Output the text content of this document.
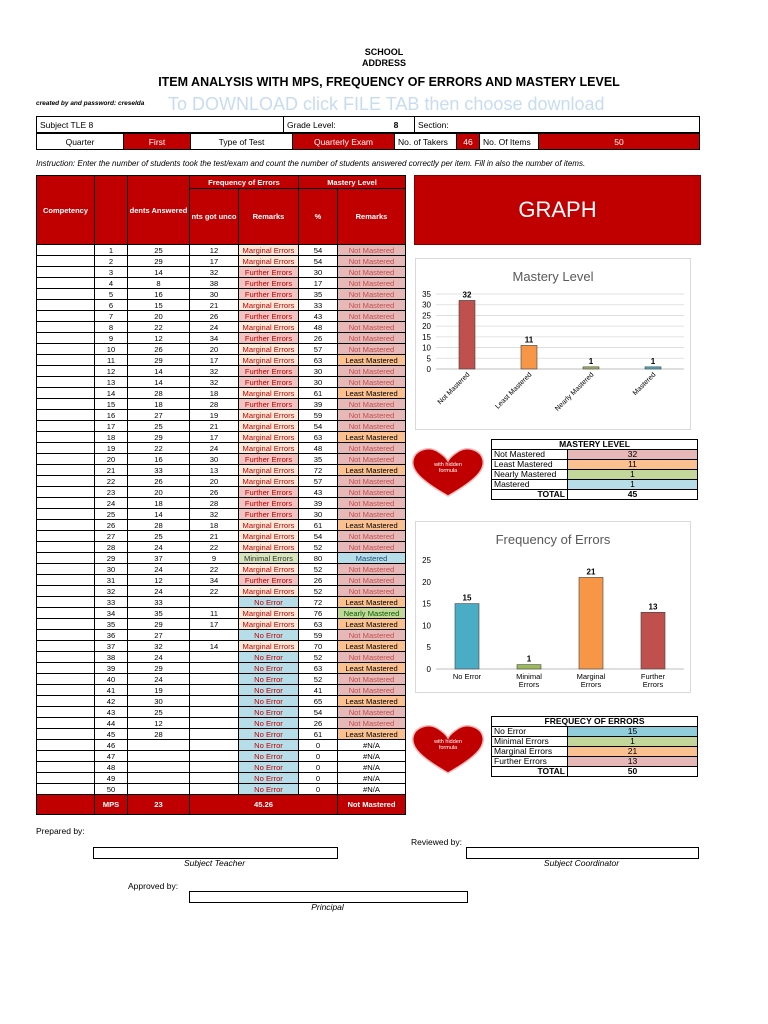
SCHOOL
ADDRESS
ITEM ANALYSIS WITH MPS, FREQUENCY OF ERRORS AND MASTERY LEVEL
created by and password: creselda To DOWNLOAD click FILE TAB then choose download
Subject TLE 8	Grade Level:	8	Section:
Quarter	First	Type of Test	Quarterly Exam	No. of Takers	46	No. Of Items	50
Instruction: Enter the number of students took the test/exam and count the number of students answered correctly per item. Fill in also the number of items.
Competency		dents Answered	Frequency of Errors		Mastery Level	
			nts got unco	Remarks	%	Remarks
	1	25	12	Marginal Errors	54	Not Mastered
	2	29	17	Marginal Errors	54	Not Mastered
	3	14	32	Further Errors	30	Not Mastered
	4	8	38	Further Errors	17	Not Mastered
	5	16	30	Further Errors	35	Not Mastered
	6	15	21	Marginal Errors	33	Not Mastered
	7	20	26	Further Errors	43	Not Mastered
	8	22	24	Marginal Errors	48	Not Mastered
	9	12	34	Further Errors	26	Not Mastered
	10	26	20	Marginal Errors	57	Not Mastered
	11	29	17	Marginal Errors	63	Least Mastered
	12	14	32	Further Errors	30	Not Mastered
	13	14	32	Further Errors	30	Not Mastered
	14	28	18	Marginal Errors	61	Least Mastered
	15	18	28	Further Errors	39	Not Mastered
	16	27	19	Marginal Errors	59	Not Mastered
	17	25	21	Marginal Errors	54	Not Mastered
	18	29	17	Marginal Errors	63	Least Mastered
	19	22	24	Marginal Errors	48	Not Mastered
	20	16	30	Further Errors	35	Not Mastered
	21	33	13	Marginal Errors	72	Least Mastered
	22	26	20	Marginal Errors	57	Not Mastered
	23	20	26	Further Errors	43	Not Mastered
	24	18	28	Further Errors	39	Not Mastered
	25	14	32	Further Errors	30	Not Mastered
	26	28	18	Marginal Errors	61	Least Mastered
	27	25	21	Marginal Errors	54	Not Mastered
	28	24	22	Marginal Errors	52	Not Mastered
	29	37	9	Minimal Errors	80	Mastered
	30	24	22	Marginal Errors	52	Not Mastered
	31	12	34	Further Errors	26	Not Mastered
	32	24	22	Marginal Errors	52	Not Mastered
	33	33		No Error	72	Least Mastered
	34	35	11	Marginal Errors	76	Nearly Mastered
	35	29	17	Marginal Errors	63	Least Mastered
	36	27		No Error	59	Not Mastered
	37	32	14	Marginal Errors	70	Least Mastered
	38	24		No Error	52	Not Mastered
	39	29		No Error	63	Least Mastered
	40	24		No Error	52	Not Mastered
	41	19		No Error	41	Not Mastered
	42	30		No Error	65	Least Mastered
	43	25		No Error	54	Not Mastered
	44	12		No Error	26	Not Mastered
	45	28		No Error	61	Least Mastered
	46			No Error	0	#N/A
	47			No Error	0	#N/A
	48			No Error	0	#N/A
	49			No Error	0	#N/A
	50			No Error	0	#N/A
	MPS	23	45.26			Not Mastered
GRAPH
Mastery Level
0
5
10
15
20
25
30
35	32
Not Mastered
11
Least Mastered
1
Nearly Mastered
1
Mastered
with hidden formula
MASTERY LEVEL	
Not Mastered	32
Least Mastered	11
Nearly Mastered	1
Mastered	1
TOTAL	45
Frequency of Errors
0
5
10
15
20
25
15
No Error
1
Minimal
Errors
21
Marginal
Errors
13
Further
Errors
with hidden formula
FREQUECY OF ERRORS	
No Error	15
Minimal Errors	1
Marginal Errors	21
Further Errors	13
TOTAL	50
Prepared by:
Subject Teacher
Reviewed by:
Subject Coordinator
Approved by:
Principal
